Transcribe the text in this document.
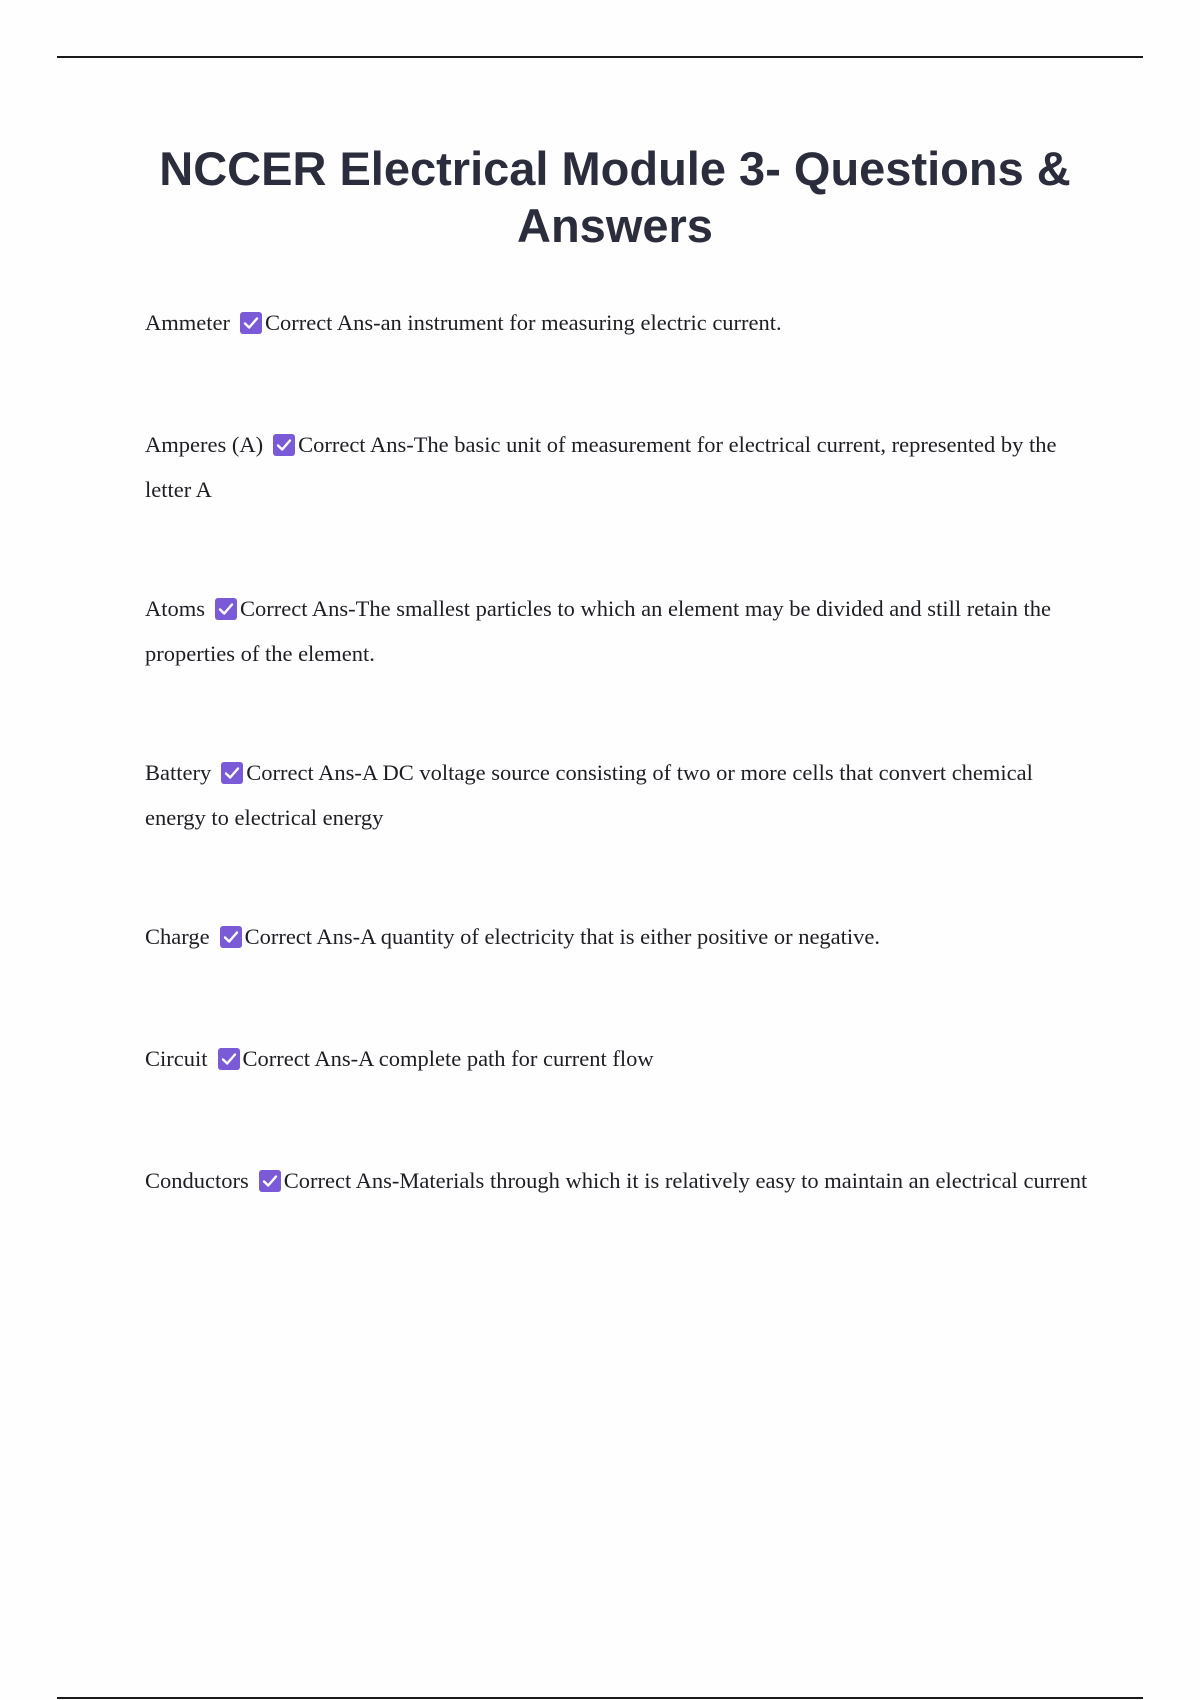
NCCER Electrical Module 3- Questions & Answers

Ammeter Correct Ans-an instrument for measuring electric current.

Amperes (A) Correct Ans-The basic unit of measurement for electrical current, represented by the letter A

Atoms Correct Ans-The smallest particles to which an element may be divided and still retain the properties of the element.

Battery Correct Ans-A DC voltage source consisting of two or more cells that convert chemical energy to electrical energy

Charge Correct Ans-A quantity of electricity that is either positive or negative.

Circuit Correct Ans-A complete path for current flow

Conductors Correct Ans-Materials through which it is relatively easy to maintain an electrical current
